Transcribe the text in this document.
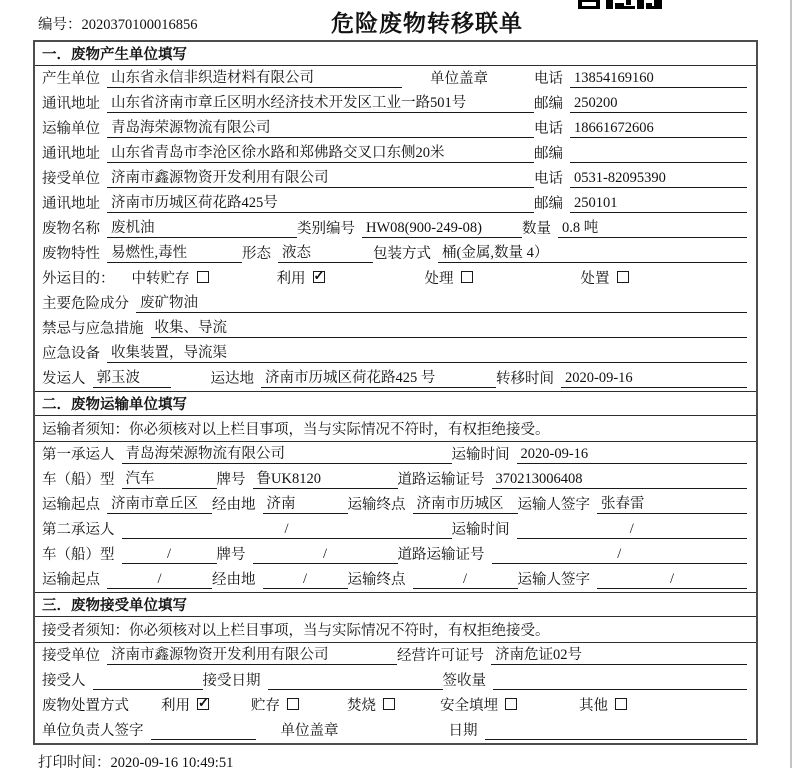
编号：2020370100016856	危险废物转移联单
一．废物产生单位填写
产生单位 山东省永信非织造材料有限公司	单位盖章	电话 13854169160
通讯地址 山东省济南市章丘区明水经济技术开发区工业一路501号	邮编 250200
运输单位 青岛海荣源物流有限公司	电话 18661672606
通讯地址 山东省青岛市李沧区徐水路和郑佛路交叉口东侧20米	邮编
接受单位 济南市鑫源物资开发利用有限公司	电话 0531-82095390
通讯地址 济南市历城区荷花路425号	邮编 250101
废物名称 废机油	类别编号 HW08(900-249-08)	数量 0.8 吨
废物特性 易燃性,毒性	形态 液态	包装方式 桶(金属,数量 4）
外运目的： 中转贮存	利用 ✓	处理	处置
主要危险成分 废矿物油
禁忌与应急措施 收集、导流
应急设备 收集装置，导流渠
发运人 郭玉波	运达地 济南市历城区荷花路425 号	转移时间 2020-09-16
二．废物运输单位填写
运输者须知：你必须核对以上栏目事项，当与实际情况不符时，有权拒绝接受。
第一承运人 青岛海荣源物流有限公司	运输时间 2020-09-16
车（船）型 汽车	牌号 鲁UK8120	道路运输证号 370213006408
运输起点 济南市章丘区 经由地 济南	运输终点 济南市历城区 运输人签字 张春雷
第二承运人	/	运输时间	/
车（船）型	/	牌号	/	道路运输证号	/
运输起点	/	经由地	/	运输终点	/	运输人签字	/
三．废物接受单位填写
接受者须知：你必须核对以上栏目事项，当与实际情况不符时，有权拒绝接受。
接受单位 济南市鑫源物资开发利用有限公司	经营许可证号 济南危证02号
接受人	接受日期	签收量
废物处置方式 利用 ✓	贮存	焚烧	安全填埋	其他
单位负责人签字	单位盖章	日期
打印时间：2020-09-16 10:49:51
